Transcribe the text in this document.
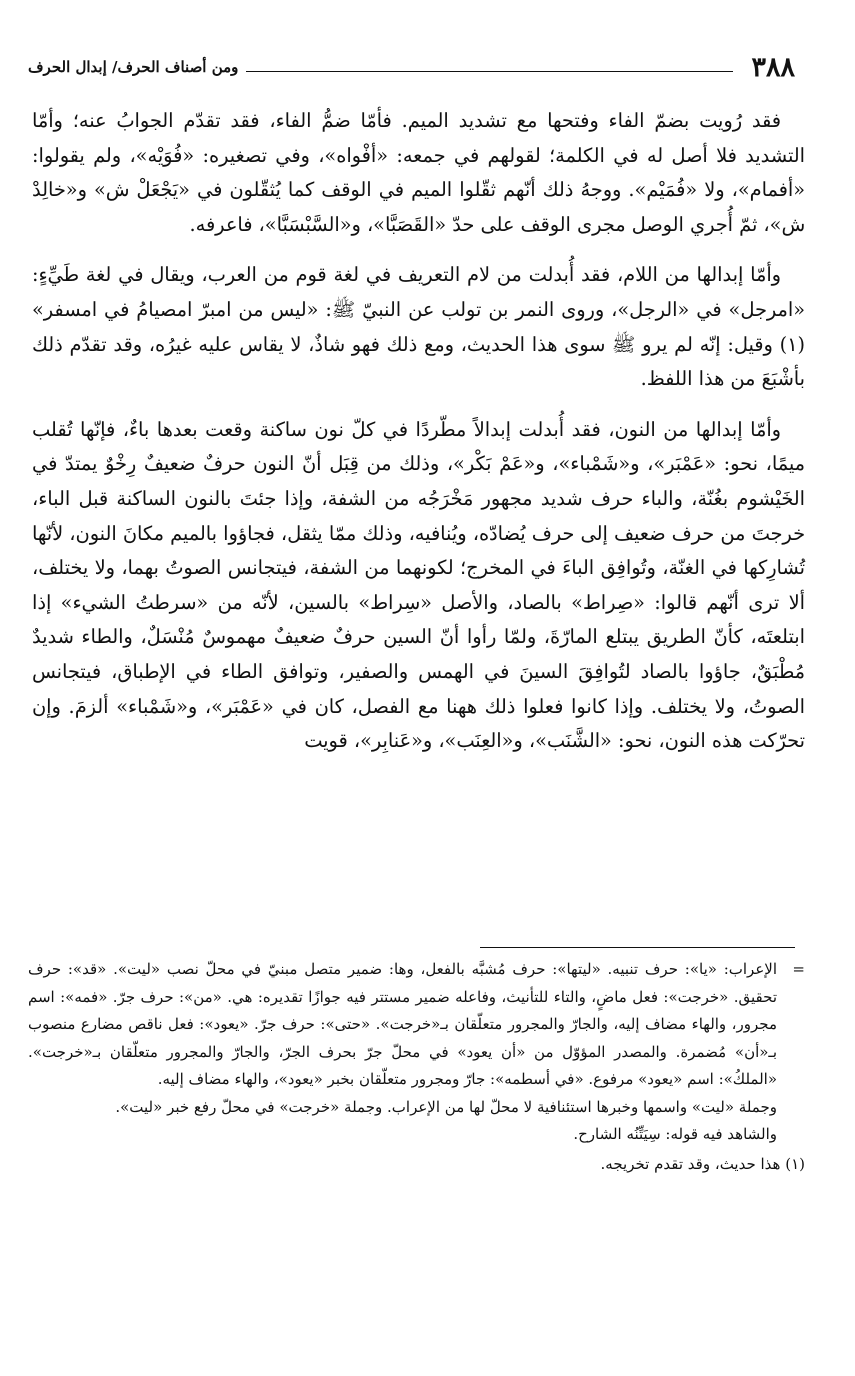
٣٨٨
ومن أصناف الحرف/ إبدال الحرف

فقد رُويت بضمّ الفاء وفتحها مع تشديد الميم. فأمّا ضمُّ الفاء، فقد تقدّم الجوابُ عنه؛ وأمّا التشديد فلا أصل له في الكلمة؛ لقولهم في جمعه: «أفْواه»، وفي تصغيره: «فُوَيْه»، ولم يقولوا: «أفمام»، ولا «فُمَيْم». ووجهُ ذلك أنّهم ثقّلوا الميم في الوقف كما يُثقّلون في «يَجْعَلْ ش» و«خالِدْ ش»، ثمّ أُجري الوصل مجرى الوقف على حدّ «القَصَبَّا»، و«السَّبْسَبَّا»، فاعرفه.

وأمّا إبدالها من اللام، فقد أُبدلت من لام التعريف في لغة قوم من العرب، ويقال في لغة طَيِّءٍ: «امرجل» في «الرجل»، وروى النمر بن تولب عن النبيّ ﷺ: «ليس من امبرّ امصيامُ في امسفر» (١) وقيل: إنّه لم يرو ﷺ سوى هذا الحديث، ومع ذلك فهو شاذٌ، لا يقاس عليه غيرُه، وقد تقدّم ذلك بأشْبَعَ من هذا اللفظ.

وأمّا إبدالها من النون، فقد أُبدلت إبدالاً مطّردًا في كلّ نون ساكنة وقعت بعدها باءٌ، فإنّها تُقلب ميمًا، نحو: «عَمْبَر»، و«شَمْباء»، و«عَمْ بَكْر»، وذلك من قِبَل أنّ النون حرفٌ ضعيفٌ رِخْوٌ يمتدّ في الخَيْشوم بغُنّة، والباء حرف شديد مجهور مَخْرَجُه من الشفة، وإذا جئتَ بالنون الساكنة قبل الباء، خرجتَ من حرف ضعيف إلى حرف يُضادّه، ويُنافيه، وذلك ممّا يثقل، فجاؤوا بالميم مكانَ النون، لأنّها تُشارِكها في الغنّة، وتُوافِق الباءَ في المخرج؛ لكونهما من الشفة، فيتجانس الصوتُ بهما، ولا يختلف، ألا ترى أنّهم قالوا: «صِراط» بالصاد، والأصل «سِراط» بالسين، لأنّه من «سرطتُ الشيء» إذا ابتلعتَه، كأنّ الطريق يبتلع المارّةَ، ولمّا رأوا أنّ السين حرفٌ ضعيفٌ مهموسٌ مُنْسَلٌ، والطاء شديدٌ مُطْبَقٌ، جاؤوا بالصاد لتُوافِقَ السينَ في الهمس والصفير، وتوافق الطاء في الإطباق، فيتجانس الصوتُ، ولا يختلف. وإذا كانوا فعلوا ذلك ههنا مع الفصل، كان في «عَمْبَر»، و«شَمْباء» ألزمَ. وإن تحرّكت هذه النون، نحو: «الشَّنَب»، و«العِنَب»، و«عَنابِر»، قويت

=

الإعراب: «يا»: حرف تنبيه. «ليتها»: حرف مُشبَّه بالفعل، وها: ضمير متصل مبنيّ في محلّ نصب «ليت». «قد»: حرف تحقيق. «خرجت»: فعل ماضٍ، والتاء للتأنيث، وفاعله ضمير مستتر فيه جوازًا تقديره: هي. «من»: حرف جرّ. «فمه»: اسم مجرور، والهاء مضاف إليه، والجارّ والمجرور متعلّقان بـ«خرجت». «حتى»: حرف جرّ. «يعود»: فعل ناقص مضارع منصوب بـ«أن» مُضمرة. والمصدر المؤوّل من «أن يعود» في محلّ جرّ بحرف الجرّ، والجارّ والمجرور متعلّقان بـ«خرجت». «الملكُ»: اسم «يعود» مرفوع. «في أسطمه»: جارّ ومجرور متعلّقان بخبر «يعود»، والهاء مضاف إليه.

وجملة «ليت» واسمها وخبرها استئنافية لا محلّ لها من الإعراب. وجملة «خرجت» في محلّ رفع خبر «ليت».

والشاهد فيه قوله: سِيَتِّنُه الشارح.

(١) هذا حديث، وقد تقدم تخريجه.
